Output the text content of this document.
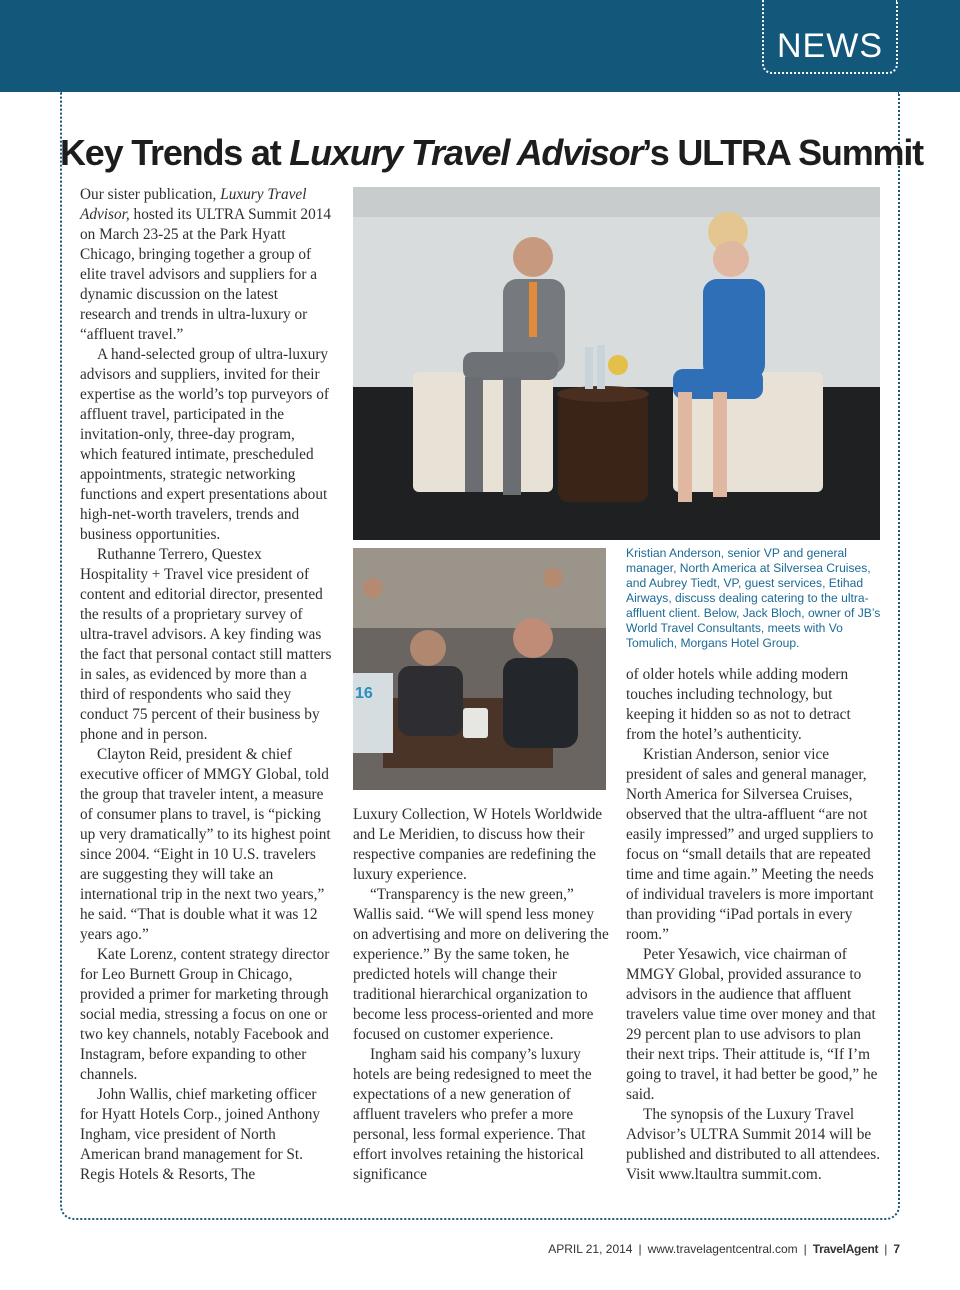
NEWS
Key Trends at Luxury Travel Advisor’s ULTRA Summit

Our sister publication, Luxury Travel Advisor, hosted its ULTRA Summit 2014 on March 23-25 at the Park Hyatt Chicago, bringing together a group of elite travel advisors and suppliers for a dynamic discussion on the latest research and trends in ultra-luxury or “affluent travel.”

A hand-selected group of ultra-luxury advisors and suppliers, invited for their expertise as the world’s top purveyors of affluent travel, participated in the invitation-only, three-day program, which featured intimate, prescheduled appointments, strategic networking functions and expert presentations about high-net-worth travelers, trends and business opportunities.

Ruthanne Terrero, Questex Hospitality + Travel vice president of content and editorial director, presented the results of a proprietary survey of ultra-travel advisors. A key finding was the fact that personal contact still matters in sales, as evidenced by more than a third of respondents who said they conduct 75 percent of their business by phone and in person.

Clayton Reid, president & chief executive officer of MMGY Global, told the group that traveler intent, a measure of consumer plans to travel, is “picking up very dramatically” to its highest point since 2004. “Eight in 10 U.S. travelers are suggesting they will take an international trip in the next two years,” he said. “That is double what it was 12 years ago.”

Kate Lorenz, content strategy director for Leo Burnett Group in Chicago, provided a primer for marketing through social media, stressing a focus on one or two key channels, notably Facebook and Instagram, before expanding to other channels.

John Wallis, chief marketing officer for Hyatt Hotels Corp., joined Anthony Ingham, vice president of North American brand management for St. Regis Hotels & Resorts, The

16
Kristian Anderson, senior VP and general manager, North America at Silversea Cruises, and Aubrey Tiedt, VP, guest services, Etihad Airways, discuss dealing catering to the ultra-affluent client. Below, Jack Bloch, owner of JB’s World Travel Consultants, meets with Vo Tomulich, Morgans Hotel Group.

Luxury Collection, W Hotels Worldwide and Le Meridien, to discuss how their respective companies are redefining the luxury experience.

“Transparency is the new green,” Wallis said. “We will spend less money on advertising and more on delivering the experience.” By the same token, he predicted hotels will change their traditional hierarchical organization to become less process-oriented and more focused on customer experience.

Ingham said his company’s luxury hotels are being redesigned to meet the expectations of a new generation of affluent travelers who prefer a more personal, less formal experience. That effort involves retaining the historical significance

of older hotels while adding modern touches including technology, but keeping it hidden so as not to detract from the hotel’s authenticity.

Kristian Anderson, senior vice president of sales and general manager, North America for Silversea Cruises, observed that the ultra-affluent “are not easily impressed” and urged suppliers to focus on “small details that are repeated time and time again.” Meeting the needs of individual travelers is more important than providing “iPad portals in every room.”

Peter Yesawich, vice chairman of MMGY Global, provided assurance to advisors in the audience that affluent travelers value time over money and that 29 percent plan to use advisors to plan their next trips. Their attitude is, “If I’m going to travel, it had better be good,” he said.

The synopsis of the Luxury Travel Advisor’s ULTRA Summit 2014 will be published and distributed to all attendees. Visit www.ltaultra summit.com.

APRIL 21, 2014 | www.travelagentcentral.com | TravelAgent | 7
